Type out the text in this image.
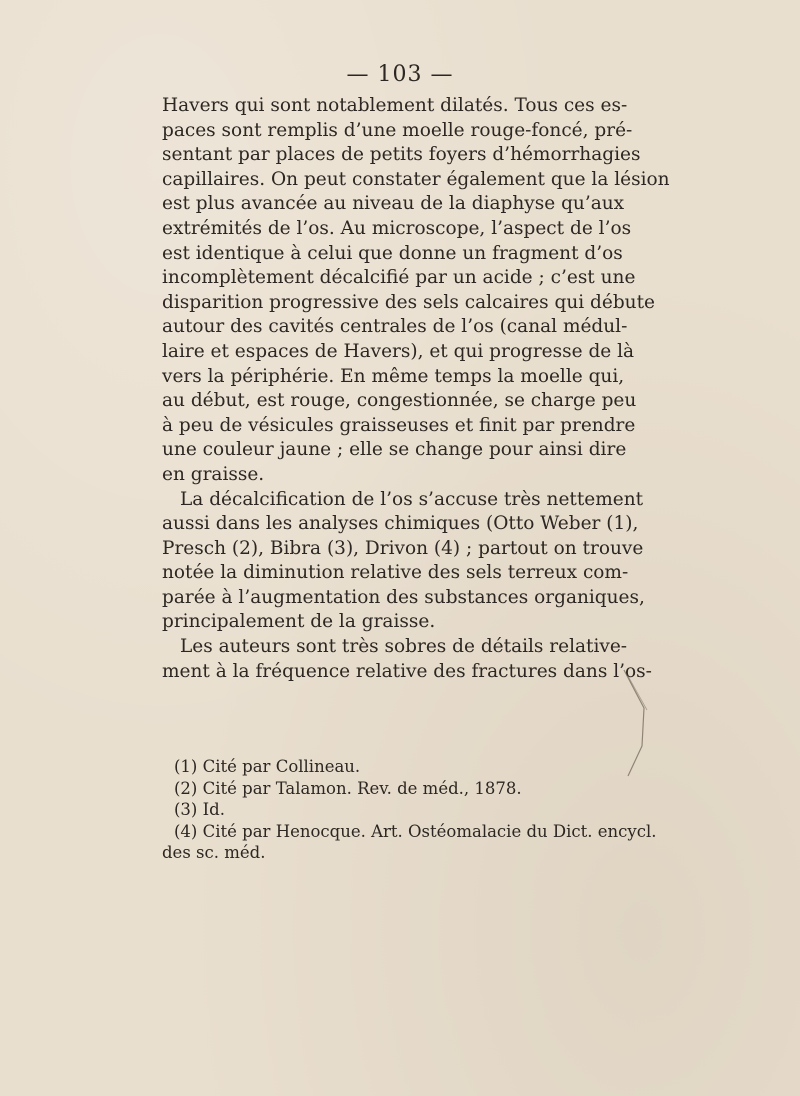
— 103 —
Havers qui sont notablement dilatés. Tous ces es-
paces sont remplis d’une moelle rouge-foncé, pré-
sentant par places de petits foyers d’hémorrhagies
capillaires. On peut constater également que la lésion
est plus avancée au niveau de la diaphyse qu’aux
extrémités de l’os. Au microscope, l’aspect de l’os
est identique à celui que donne un fragment d’os
incomplètement décalcifié par un acide ; c’est une
disparition progressive des sels calcaires qui débute
autour des cavités centrales de l’os (canal médul-
laire et espaces de Havers), et qui progresse de là
vers la périphérie. En même temps la moelle qui,
au début, est rouge, congestionnée, se charge peu
à peu de vésicules graisseuses et finit par prendre
une couleur jaune ; elle se change pour ainsi dire
en graisse.
La décalcification de l’os s’accuse très nettement
aussi dans les analyses chimiques (Otto Weber (1),
Presch (2), Bibra (3), Drivon (4) ; partout on trouve
notée la diminution relative des sels terreux com-
parée à l’augmentation des substances organiques,
principalement de la graisse.
Les auteurs sont très sobres de détails relative-
ment à la fréquence relative des fractures dans l’os-
(1) Cité par Collineau.
(2) Cité par Talamon. Rev. de méd., 1878.
(3) Id.
(4) Cité par Henocque. Art. Ostéomalacie du Dict. encycl.
des sc. méd.
